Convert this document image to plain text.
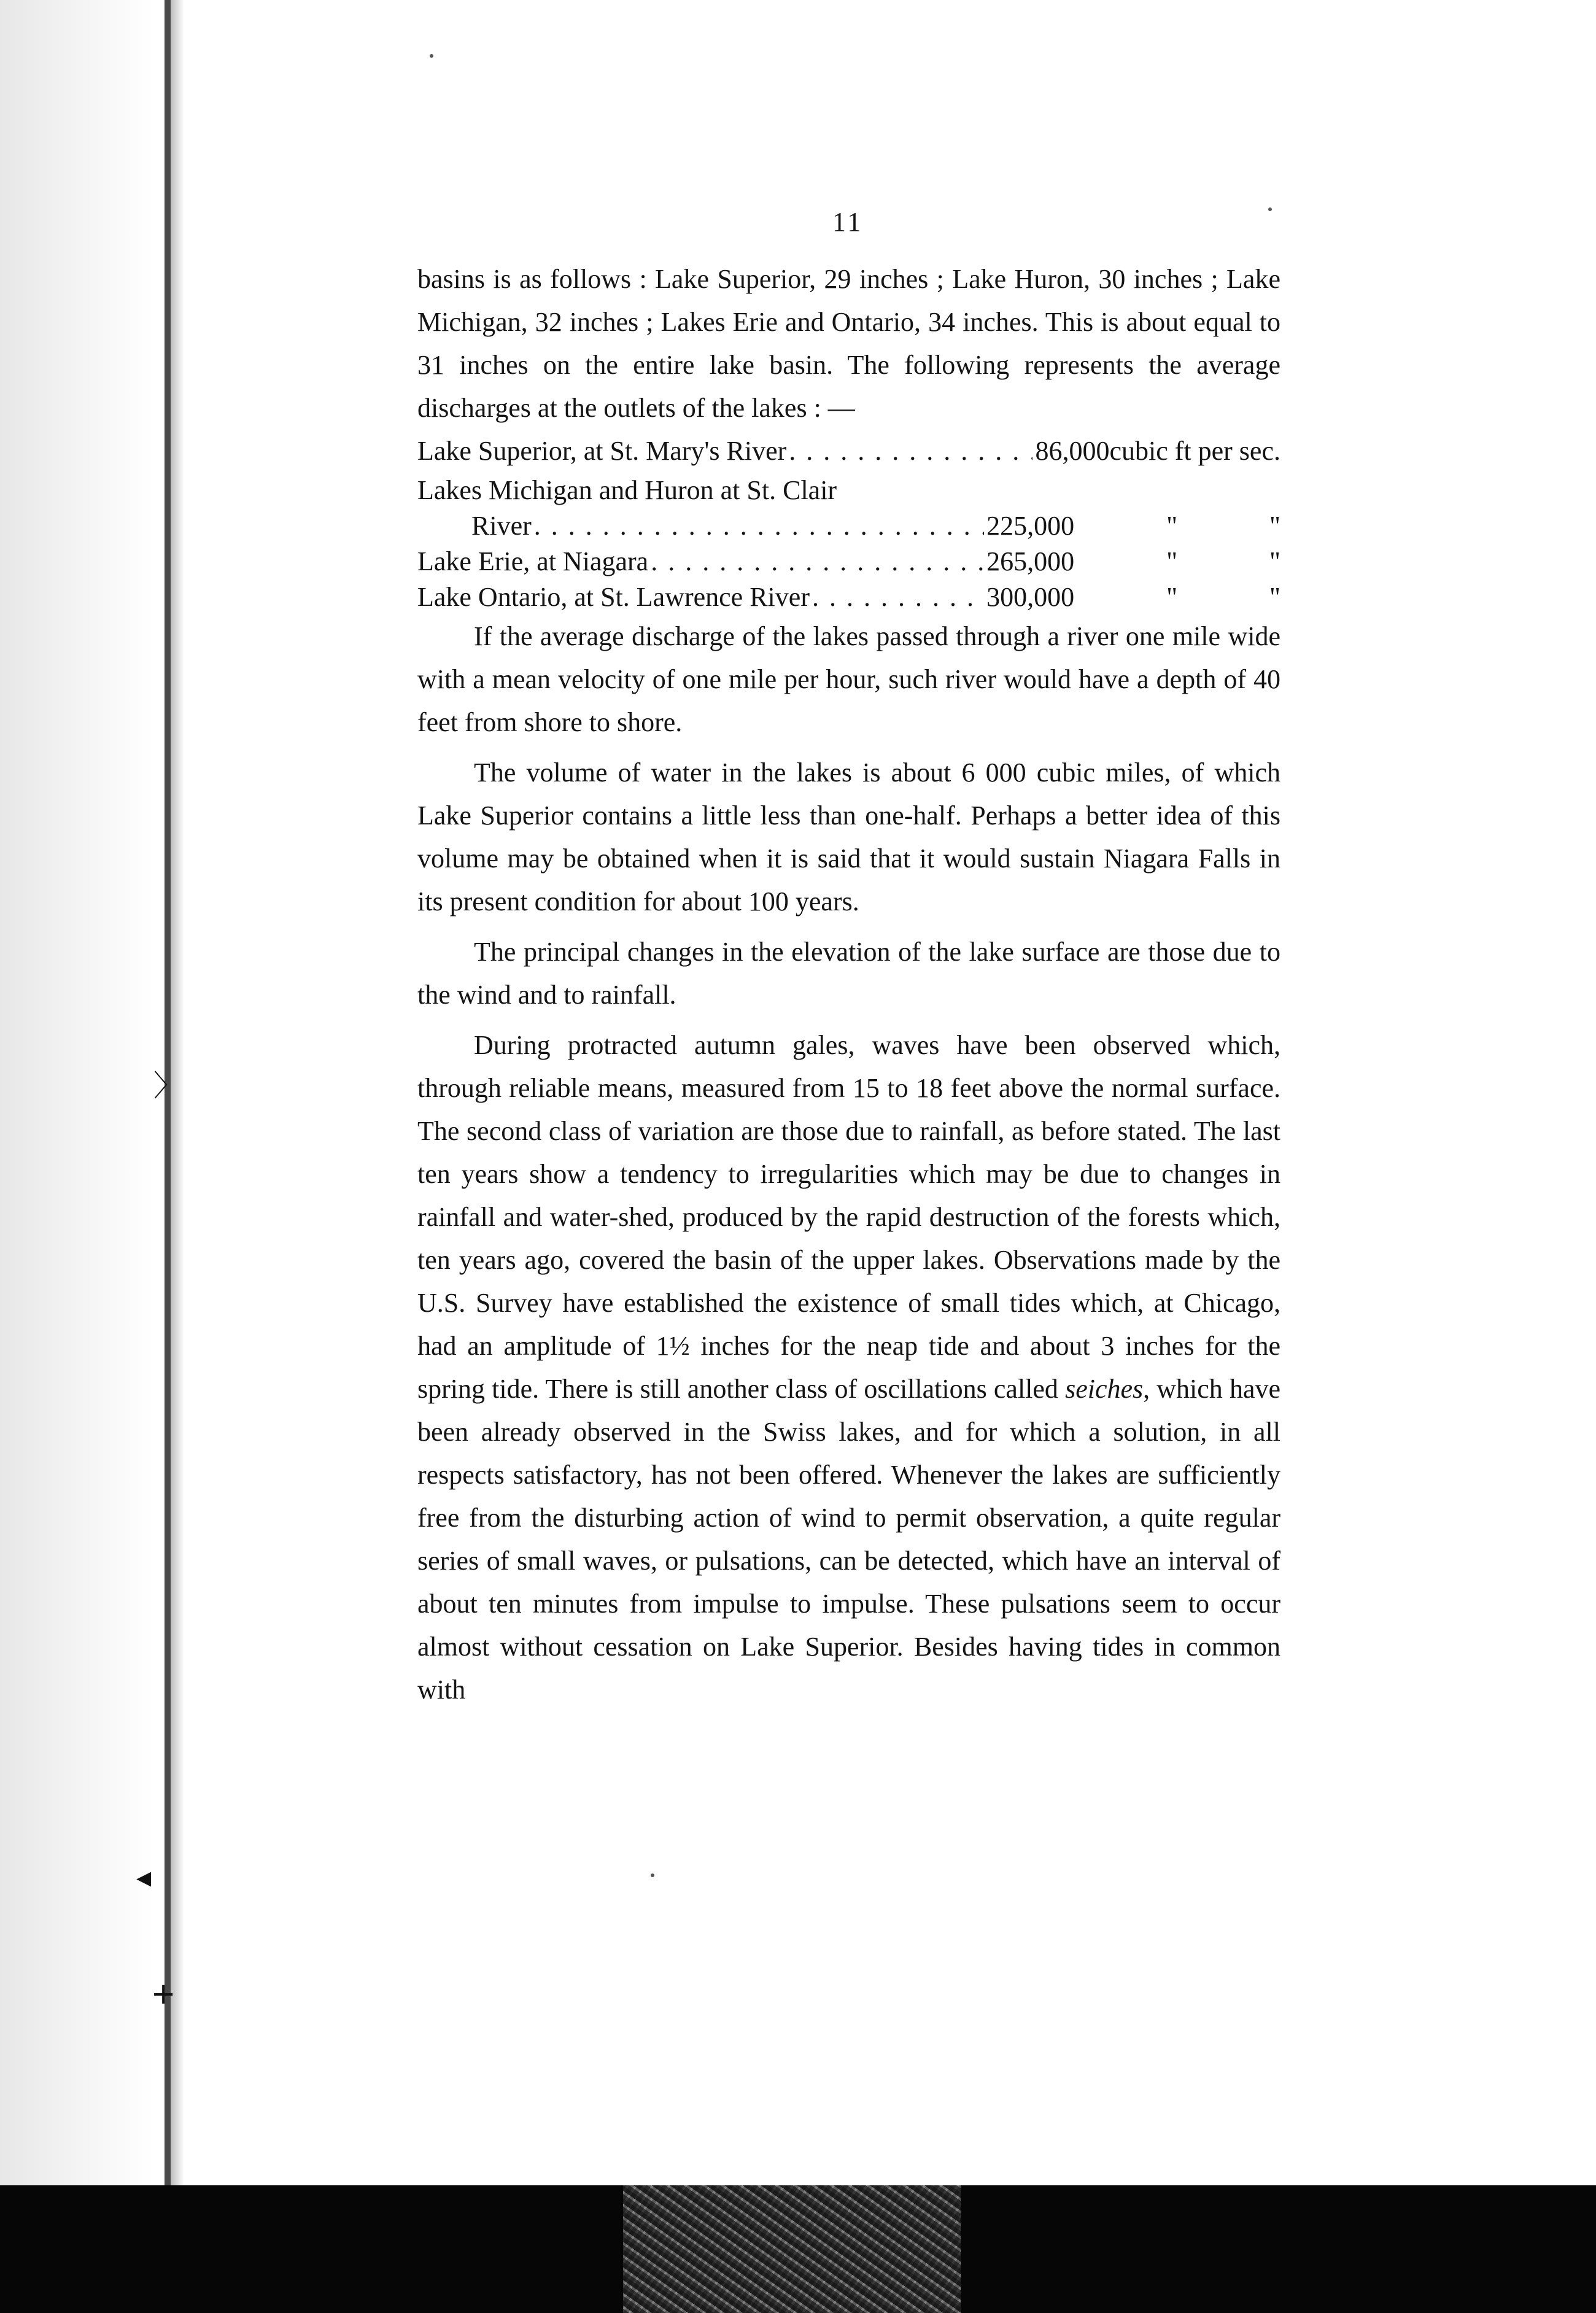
〉
◂
+
11

basins is as follows : Lake Superior, 29 inches ; Lake Huron, 30 inches ; Lake Michigan, 32 inches ; Lakes Erie and Ontario, 34 inches. This is about equal to 31 inches on the entire lake basin. The following represents the average discharges at the outlets of the lakes : —

Lake Superior, at St. Mary's River . . .	86,000 cubic ft per sec.
Lakes Michigan and Huron at St. Clair
River . . .	225,000	"	"
Lake Erie, at Niagara . . .	265,000	"	"
Lake Ontario, at St. Lawrence River . . .	300,000	"	"

If the average discharge of the lakes passed through a river one mile wide with a mean velocity of one mile per hour, such river would have a depth of 40 feet from shore to shore.

The volume of water in the lakes is about 6 000 cubic miles, of which Lake Superior contains a little less than one-half. Perhaps a better idea of this volume may be obtained when it is said that it would sustain Niagara Falls in its present condition for about 100 years.

The principal changes in the elevation of the lake surface are those due to the wind and to rainfall.

During protracted autumn gales, waves have been observed which, through reliable means, measured from 15 to 18 feet above the normal surface. The second class of variation are those due to rainfall, as before stated. The last ten years show a tendency to irregularities which may be due to changes in rainfall and water-shed, produced by the rapid destruction of the forests which, ten years ago, covered the basin of the upper lakes. Observations made by the U.S. Survey have established the existence of small tides which, at Chicago, had an amplitude of 1½ inches for the neap tide and about 3 inches for the spring tide. There is still another class of oscillations called seiches, which have been already observed in the Swiss lakes, and for which a solution, in all respects satisfactory, has not been offered. Whenever the lakes are sufficiently free from the disturbing action of wind to permit observation, a quite regular series of small waves, or pulsations, can be detected, which have an interval of about ten minutes from impulse to impulse. These pulsations seem to occur almost without cessation on Lake Superior. Besides having tides in common with
